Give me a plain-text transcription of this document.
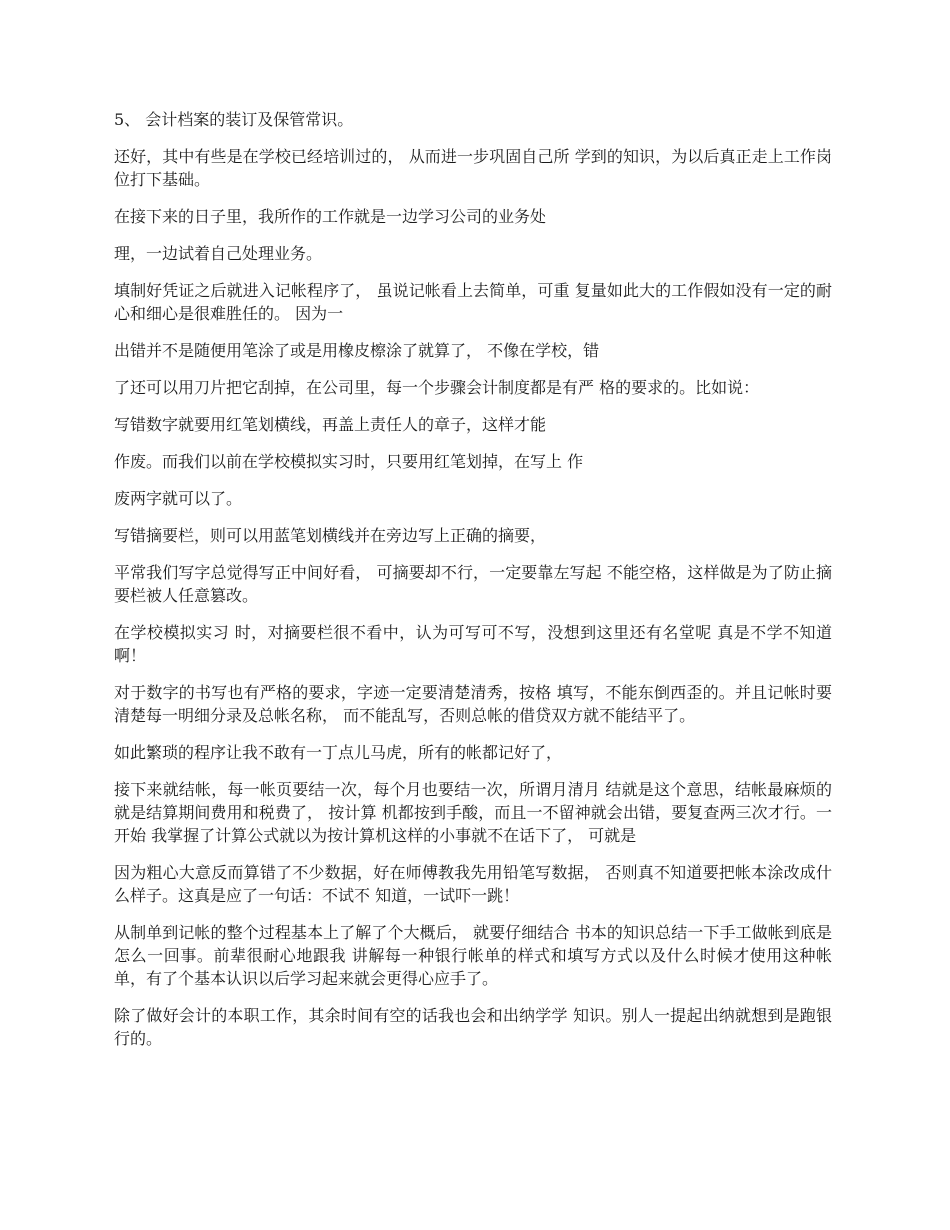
5、 会计档案的装订及保管常识。

还好，其中有些是在学校已经培训过的， 从而进一步巩固自己所 学到的知识，为以后真正走上工作岗位打下基础。

在接下来的日子里，我所作的工作就是一边学习公司的业务处

理，一边试着自己处理业务。

填制好凭证之后就进入记帐程序了， 虽说记帐看上去简单，可重 复量如此大的工作假如没有一定的耐心和细心是很难胜任的。 因为一

出错并不是随便用笔涂了或是用橡皮檫涂了就算了， 不像在学校，错

了还可以用刀片把它刮掉，在公司里，每一个步骤会计制度都是有严 格的要求的。比如说：

写错数字就要用红笔划横线，再盖上责任人的章子，这样才能

作废。而我们以前在学校模拟实习时，只要用红笔划掉，在写上 作

废两字就可以了。

写错摘要栏，则可以用蓝笔划横线并在旁边写上正确的摘要，

平常我们写字总觉得写正中间好看， 可摘要却不行，一定要靠左写起 不能空格，这样做是为了防止摘要栏被人任意篡改。

在学校模拟实习 时，对摘要栏很不看中，认为可写可不写，没想到这里还有名堂呢 真是不学不知道啊！

对于数字的书写也有严格的要求，字迹一定要清楚清秀，按格 填写，不能东倒西歪的。并且记帐时要清楚每一明细分录及总帐名称， 而不能乱写，否则总帐的借贷双方就不能结平了。

如此繁琐的程序让我不敢有一丁点儿马虎，所有的帐都记好了，

接下来就结帐，每一帐页要结一次，每个月也要结一次，所谓月清月 结就是这个意思，结帐最麻烦的就是结算期间费用和税费了， 按计算 机都按到手酸，而且一不留神就会出错，要复查两三次才行。一开始 我掌握了计算公式就以为按计算机这样的小事就不在话下了， 可就是

因为粗心大意反而算错了不少数据，好在师傅教我先用铅笔写数据， 否则真不知道要把帐本涂改成什么样子。这真是应了一句话：不试不 知道，一试吓一跳！

从制单到记帐的整个过程基本上了解了个大概后， 就要仔细结合 书本的知识总结一下手工做帐到底是怎么一回事。前辈很耐心地跟我 讲解每一种银行帐单的样式和填写方式以及什么时候才使用这种帐 单，有了个基本认识以后学习起来就会更得心应手了。

除了做好会计的本职工作，其余时间有空的话我也会和出纳学学 知识。别人一提起出纳就想到是跑银行的。
